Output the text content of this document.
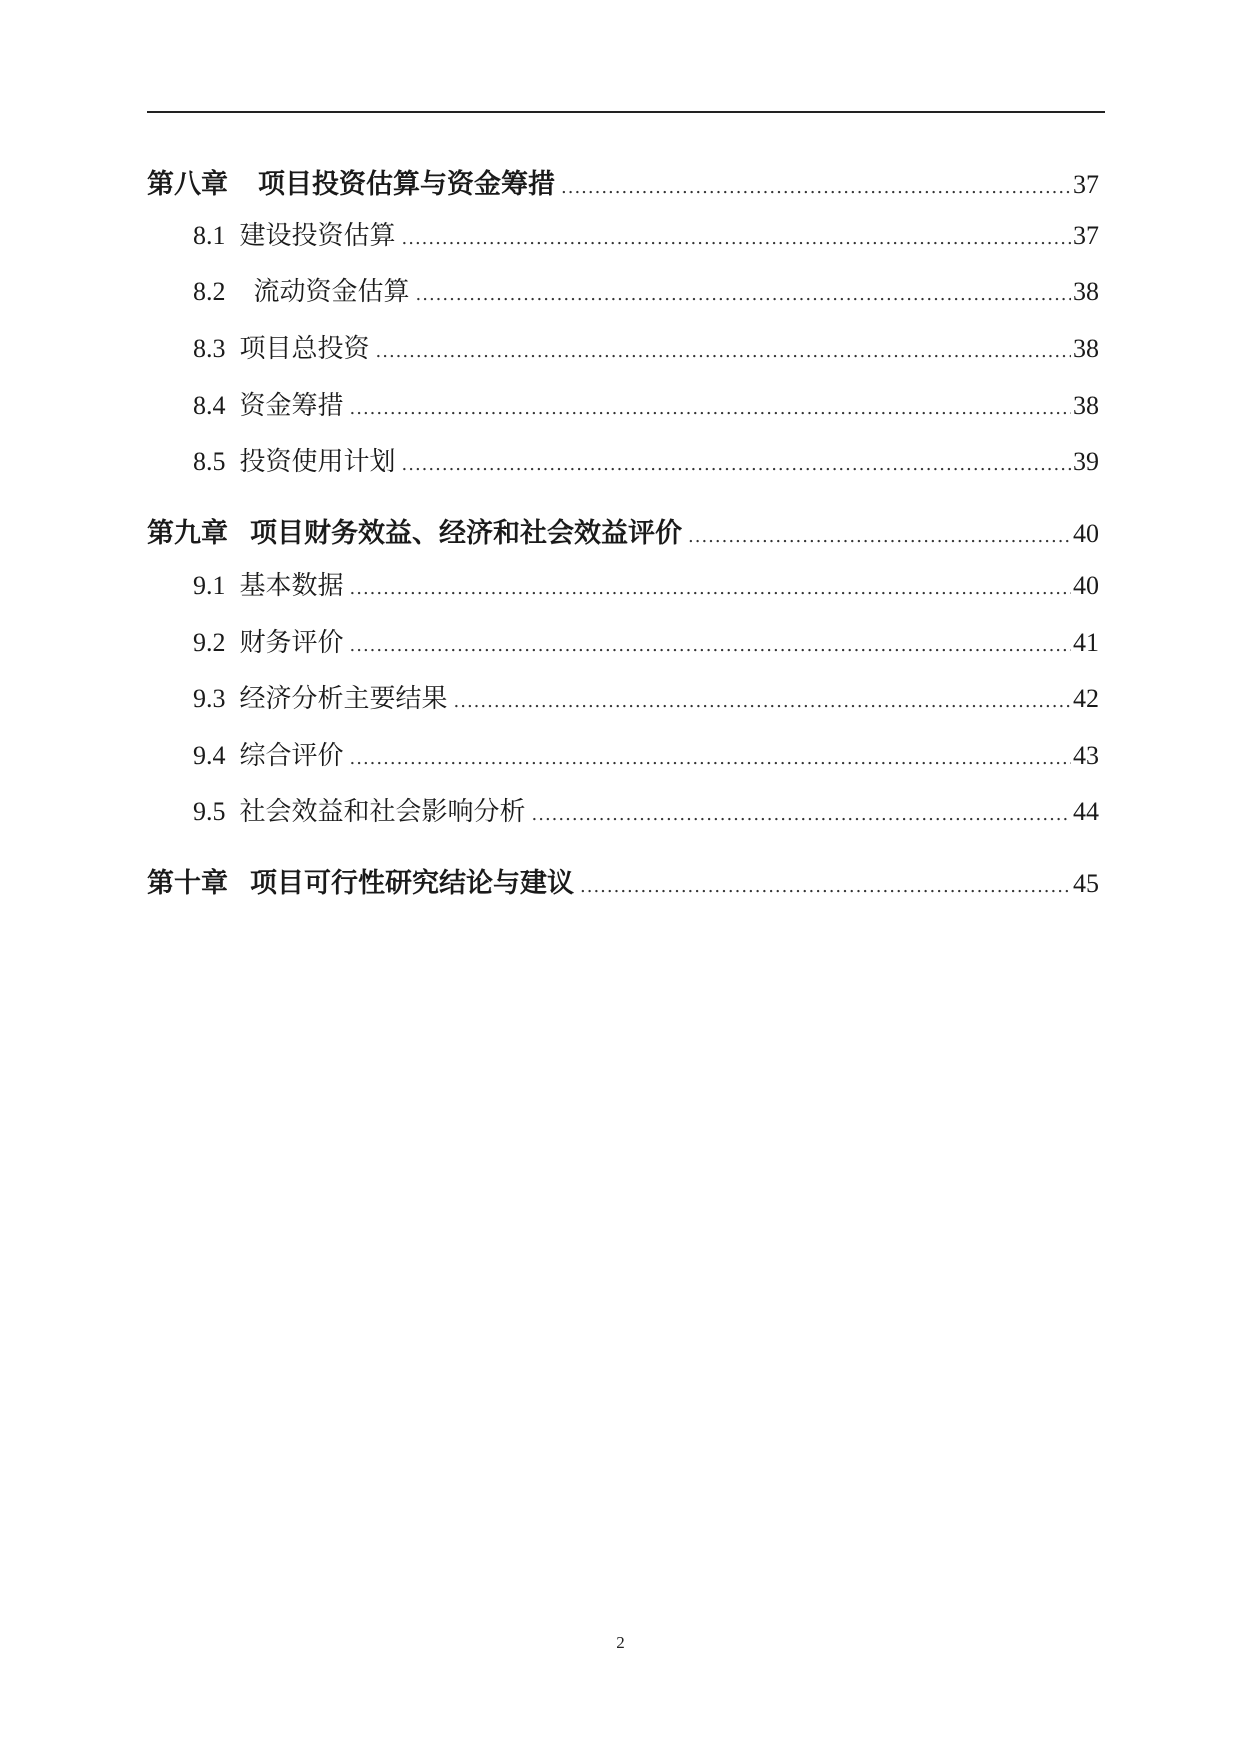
第八章 项目投资估算与资金筹措 .....	37
8.1 建设投资估算 .....	37
8.2 流动资金估算 .....	38
8.3 项目总投资 .....	38
8.4 资金筹措 .....	38
8.5 投资使用计划 .....	39
第九章 项目财务效益、经济和社会效益评价 .....	40
9.1 基本数据 .....	40
9.2 财务评价 .....	41
9.3 经济分析主要结果 .....	42
9.4 综合评价 .....	43
9.5 社会效益和社会影响分析 .....	44
第十章 项目可行性研究结论与建议 .....	45
2
